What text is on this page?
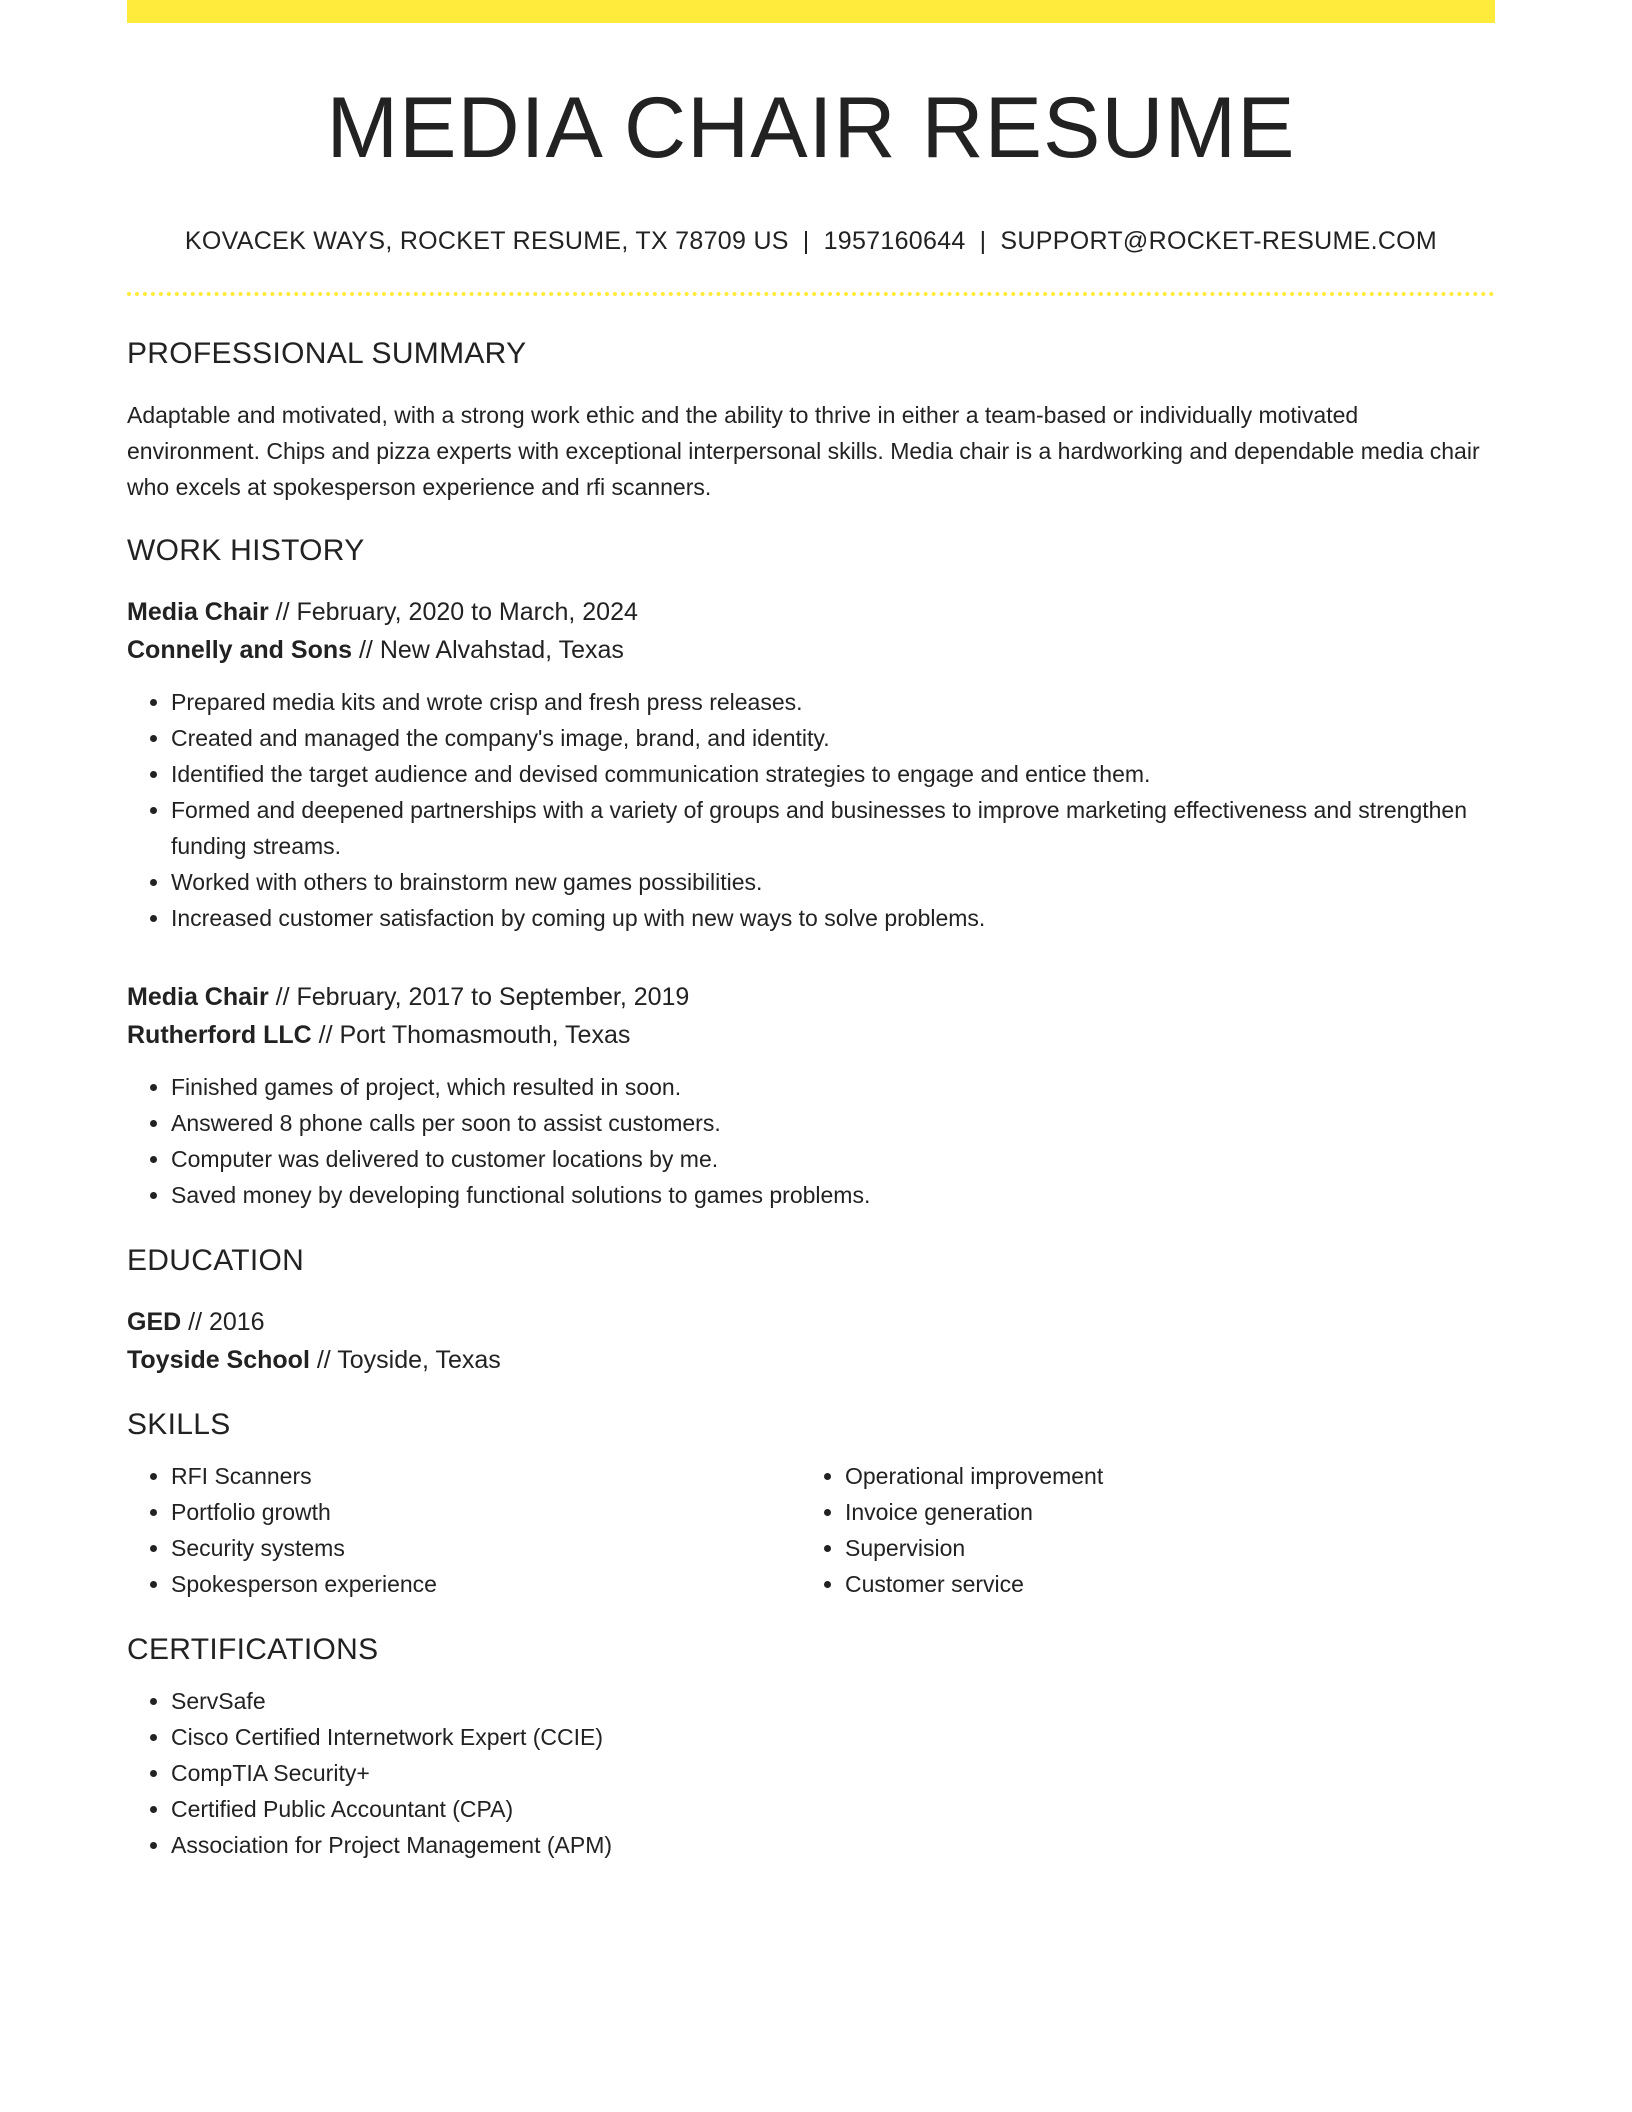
MEDIA CHAIR RESUME
KOVACEK WAYS, ROCKET RESUME, TX 78709 US | 1957160644 | SUPPORT@ROCKET-RESUME.COM
PROFESSIONAL SUMMARY

Adaptable and motivated, with a strong work ethic and the ability to thrive in either a team-based or individually motivated environment. Chips and pizza experts with exceptional interpersonal skills. Media chair is a hardworking and dependable media chair who excels at spokesperson experience and rfi scanners.

WORK HISTORY
Media Chair // February, 2020 to March, 2024
Connelly and Sons // New Alvahstad, Texas
• Prepared media kits and wrote crisp and fresh press releases.
• Created and managed the company's image, brand, and identity.
• Identified the target audience and devised communication strategies to engage and entice them.
• Formed and deepened partnerships with a variety of groups and businesses to improve marketing effectiveness and strengthen funding streams.
• Worked with others to brainstorm new games possibilities.
• Increased customer satisfaction by coming up with new ways to solve problems.
Media Chair // February, 2017 to September, 2019
Rutherford LLC // Port Thomasmouth, Texas
• Finished games of project, which resulted in soon.
• Answered 8 phone calls per soon to assist customers.
• Computer was delivered to customer locations by me.
• Saved money by developing functional solutions to games problems.
EDUCATION
GED // 2016
Toyside School // Toyside, Texas
SKILLS
• RFI Scanners
• Portfolio growth
• Security systems
• Spokesperson experience
• Operational improvement
• Invoice generation
• Supervision
• Customer service
CERTIFICATIONS
• ServSafe
• Cisco Certified Internetwork Expert (CCIE)
• CompTIA Security+
• Certified Public Accountant (CPA)
• Association for Project Management (APM)
